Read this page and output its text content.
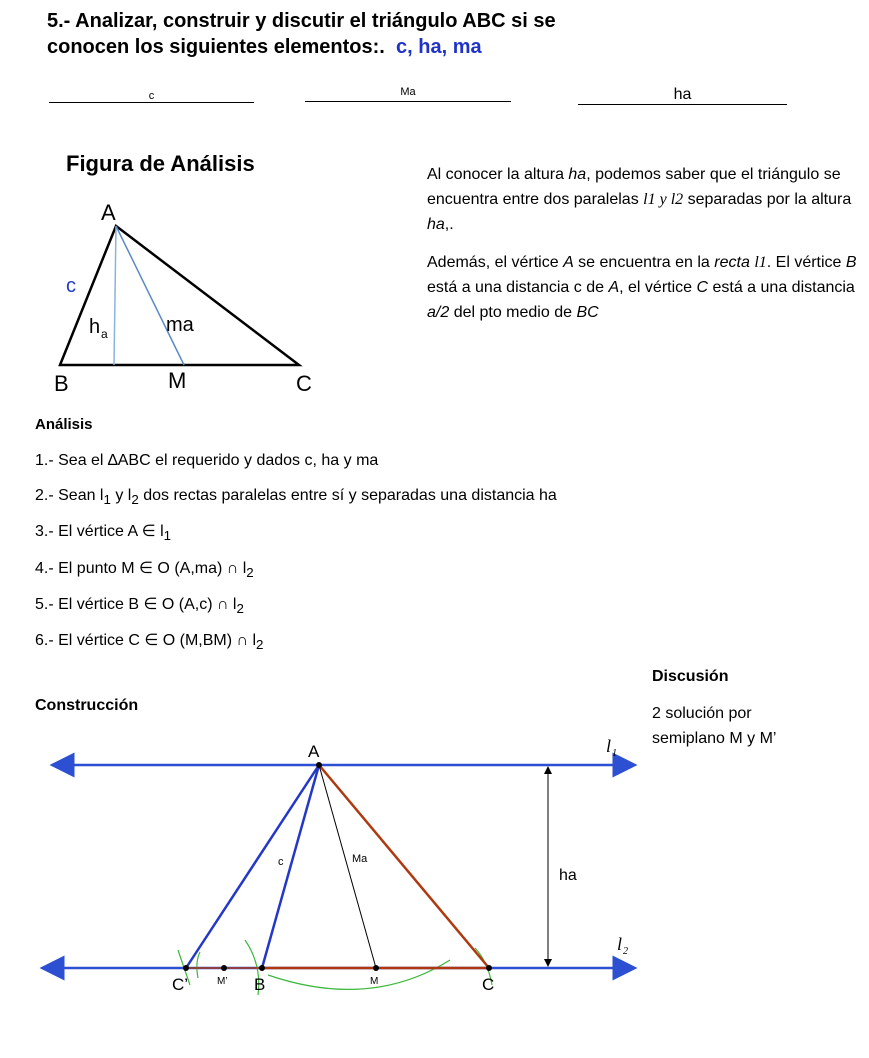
5.- Analizar, construir y discutir el triángulo ABC si se
conocen los siguientes elementos:. c, ha, ma
c	Ma	ha
Figura de Análisis	Al conocer la altura ha, podemos saber que el triángulo se encuentra entre dos paralelas l1 y l2 separadas por la altura ha,.
Además, el vértice A se encuentra en la recta l1. El vértice B está a una distancia c de A, el vértice C está a una distancia a/2 del pto medio de BC
Análisis
1.- Sea el ∆ABC el requerido y dados c, ha y ma
2.- Sean $l_1$ y $l_2$ dos rectas paralelas entre sí y separadas una distancia ha
3.- El vértice A ∈ $l_1$
4.- El punto M ∈ O (A,ma) ∩ $l_2$
5.- El vértice B ∈ O (A,c) ∩ $l_2$
6.- El vértice C ∈ O (M,BM) ∩ $l_2$
Discusión
2 solución por
semiplano M y M’
Construcción
A
B	C
M
c
h a	ma
A
B	C
C’	M
M’
c	Ma
ha
l 1
l 2
